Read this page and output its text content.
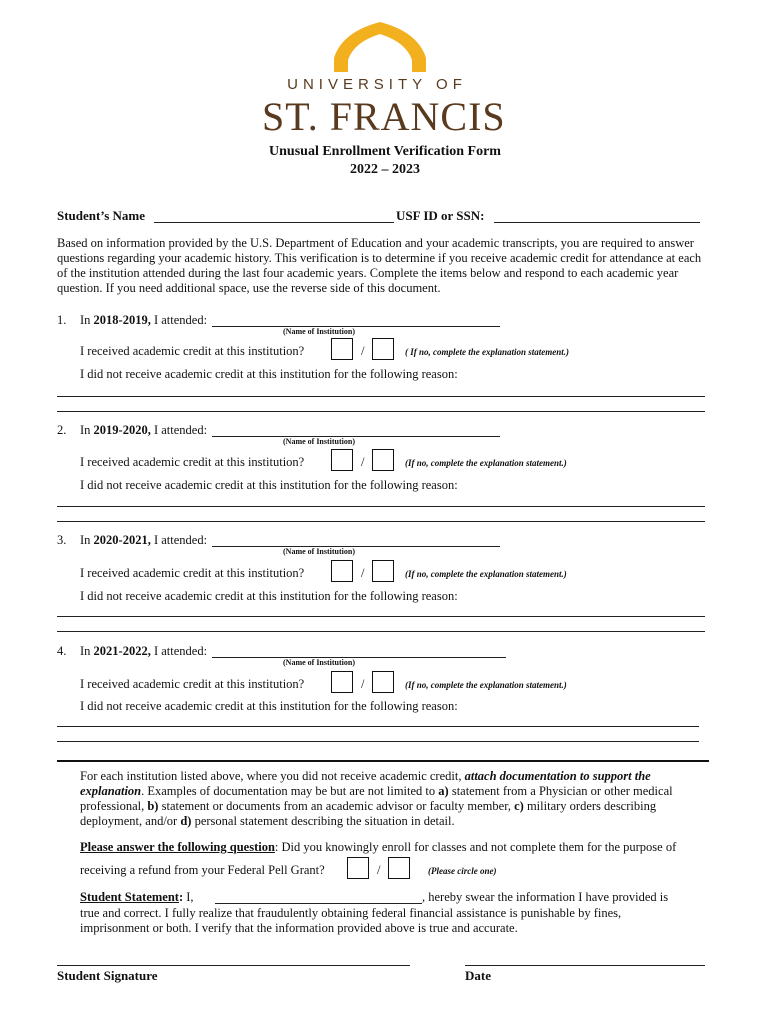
UNIVERSITY OF
ST. FRANCIS
Unusual Enrollment Verification Form
2022 – 2023
Student’s Name	USF ID or SSN:
Based on information provided by the U.S. Department of Education and your academic transcripts, you are required to answer questions regarding your academic history. This verification is to determine if you receive academic credit for attendance at each of the institution attended during the last four academic years. Complete the items below and respond to each academic year question. If you need additional space, use the reverse side of this document.
1. In 2018-2019, I attended:
(Name of Institution)
I received academic credit at this institution?	/	( If no, complete the explanation statement.)
I did not receive academic credit at this institution for the following reason:
2. In 2019-2020, I attended:
(Name of Institution)
I received academic credit at this institution?	/	(If no, complete the explanation statement.)
I did not receive academic credit at this institution for the following reason:
3. In 2020-2021, I attended:
(Name of Institution)
I received academic credit at this institution?	/	(If no, complete the explanation statement.)
I did not receive academic credit at this institution for the following reason:
4. In 2021-2022, I attended:
(Name of Institution)
I received academic credit at this institution?	/	(If no, complete the explanation statement.)
I did not receive academic credit at this institution for the following reason:
For each institution listed above, where you did not receive academic credit, attach documentation to support the explanation. Examples of documentation may be but are not limited to a) statement from a Physician or other medical professional, b) statement or documents from an academic advisor or faculty member, c) military orders describing deployment, and/or d) personal statement describing the situation in detail.
Please answer the following question: Did you knowingly enroll for classes and not complete them for the purpose of
receiving a refund from your Federal Pell Grant?	/	(Please circle one)
Student Statement: I,	, hereby swear the information I have provided is
true and correct. I fully realize that fraudulently obtaining federal financial assistance is punishable by fines,
imprisonment or both. I verify that the information provided above is true and accurate.
Student Signature	Date
